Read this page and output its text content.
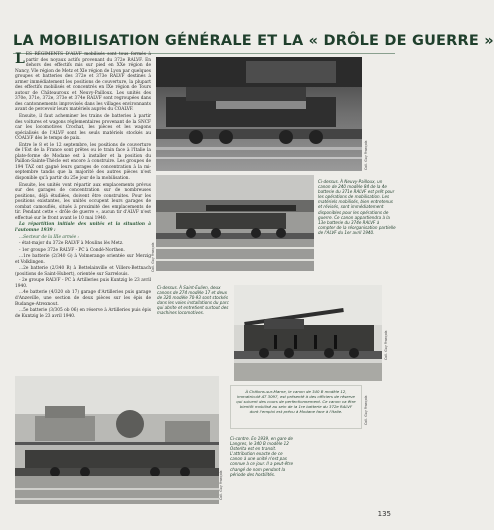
LA MOBILISATION GÉNÉRALE ET LA « DRÔLE DE GUERRE »

LES RÉGIMENTS D'ALVF mobilisés sont tous formés à partir des noyaux actifs provenant du 372e RALVF. En dehors des effectifs mis sur pied en XXe région de Nancy, VIe région de Metz et XIe région de Lyon par quelques groupes et batteries des 372e et 373e RALVF destinés à armer immédiatement les positions de couverture, la plupart des effectifs mobilisés et concentrés en IXe région de Tours autour de Châteauroux et Neuvy-Pailloux. Les unités des 370e, 371e, 372e, 373e et 374e RALVF sont regroupées dans des cantonnements improvisés dans les villages environnants avant de percevoir leurs matériels auprès du COALVF.

Ensuite, il faut acheminer les trains de batteries à partir des voitures et wagons réglementaires provenant de la SNCF car les locomotives Crochat, les pièces et les wagons spécialisés de l'ALVF sont les seuls matériels stockés au COALVF dès le temps de paix.

Entre le 8 et le 12 septembre, les positions de couverture de l'Est de la France sont prêtes ou le train face à l'Italie la plate-forme de Modane est à installer et la position du Paillon-Sainte-Thècle est encore à construire. Les groupes de 194 TAZ ont gagné leurs garages de concentration à la mi-septembre tandis que la majorité des autres pièces n'est disponible qu'à partir du 25e jour de la mobilisation.

Ensuite, les unités vont répartir aux emplacements prévus sur des garages de concentration sur de nombreuses positions, déjà étudiées, doivent être construites. Pour les positions existantes, les unités occupent leurs garages de combat camouflés, situés à proximité des emplacements de tir. Pendant cette « drôle de guerre », aucun tir d'ALVF n'est effectué sur le front avant le 10 mai 1940.

La répartition initiale des unités et la situation à l'automne 1939 :

...Secteur de la IIIe armée :

- état-major du 372e RALVF à Moulins lès Metz.

- 1er groupe 372e RALVF - PC à Condé-Northen.

...1re batterie (2/340 G) à Volmerange orientée sur Merzig et Volklingen.

...2e batterie (2/340 R) à Bettelainville et Villers-Bettnach (positions de Saint-Hubert), orientée sur Sarrelouis.

- 2e groupe RALVF - PC à Artilleries puis Kuntzig le 23 avril 1940.

...4e batterie (4/320 ob 17) garage d'Artilleries puis garage d'Anzeville, une section de deux pièces sur les épis de Budange-Atrexnout.

...5e batterie (3/305 ob 06) en réserve à Artilleries puis épis de Kuntzig le 23 avril 1940.

Coll. Guy François
Ci-dessus. À Neuvy-Pailloux, un canon de 240 modèle 84 de la 4e batterie du 371e RALVF est prêt pour les opérations de mobilisation. Les matériels mobilisés, bien entretenus et révisés, sont immédiatement disponibles pour les opérations de guerre. Ce canon appartiendra à la 13e batterie du 374e RALVF à compter de la réorganisation partielle de l'ALVF du 1er avril 1940.
Coll. Guy François
Ci-dessus. À Saint-Eulien, deux canons de 274 modèle 17 et deux de 320 modèle 70-93 sont stockés dans les voies installations du parc qui abrite et entretient surtout des machines locomotives.
Coll. Guy François
À Châlons-sur-Marne, le canon de 340 B modèle 12, immatriculé AT 3097, est présenté à des officiers de réserve qui suivent des cours de perfectionnement. Ce canon va être bientôt mobilisé au sein de la 1re batterie du 372e RALVF dont l'emploi est prévu à Modane face à l'Italie.	Coll. Guy François
Coll. Guy François
Ci-contre. En 1939, en gare de Langres, le 340 B modèle 12 Osterita est en transit. L'attribution exacte de ce canon à une unité n'est pas connue à ce jour. Il a peut-être changé de nom pendant la période des hostilités.
135
